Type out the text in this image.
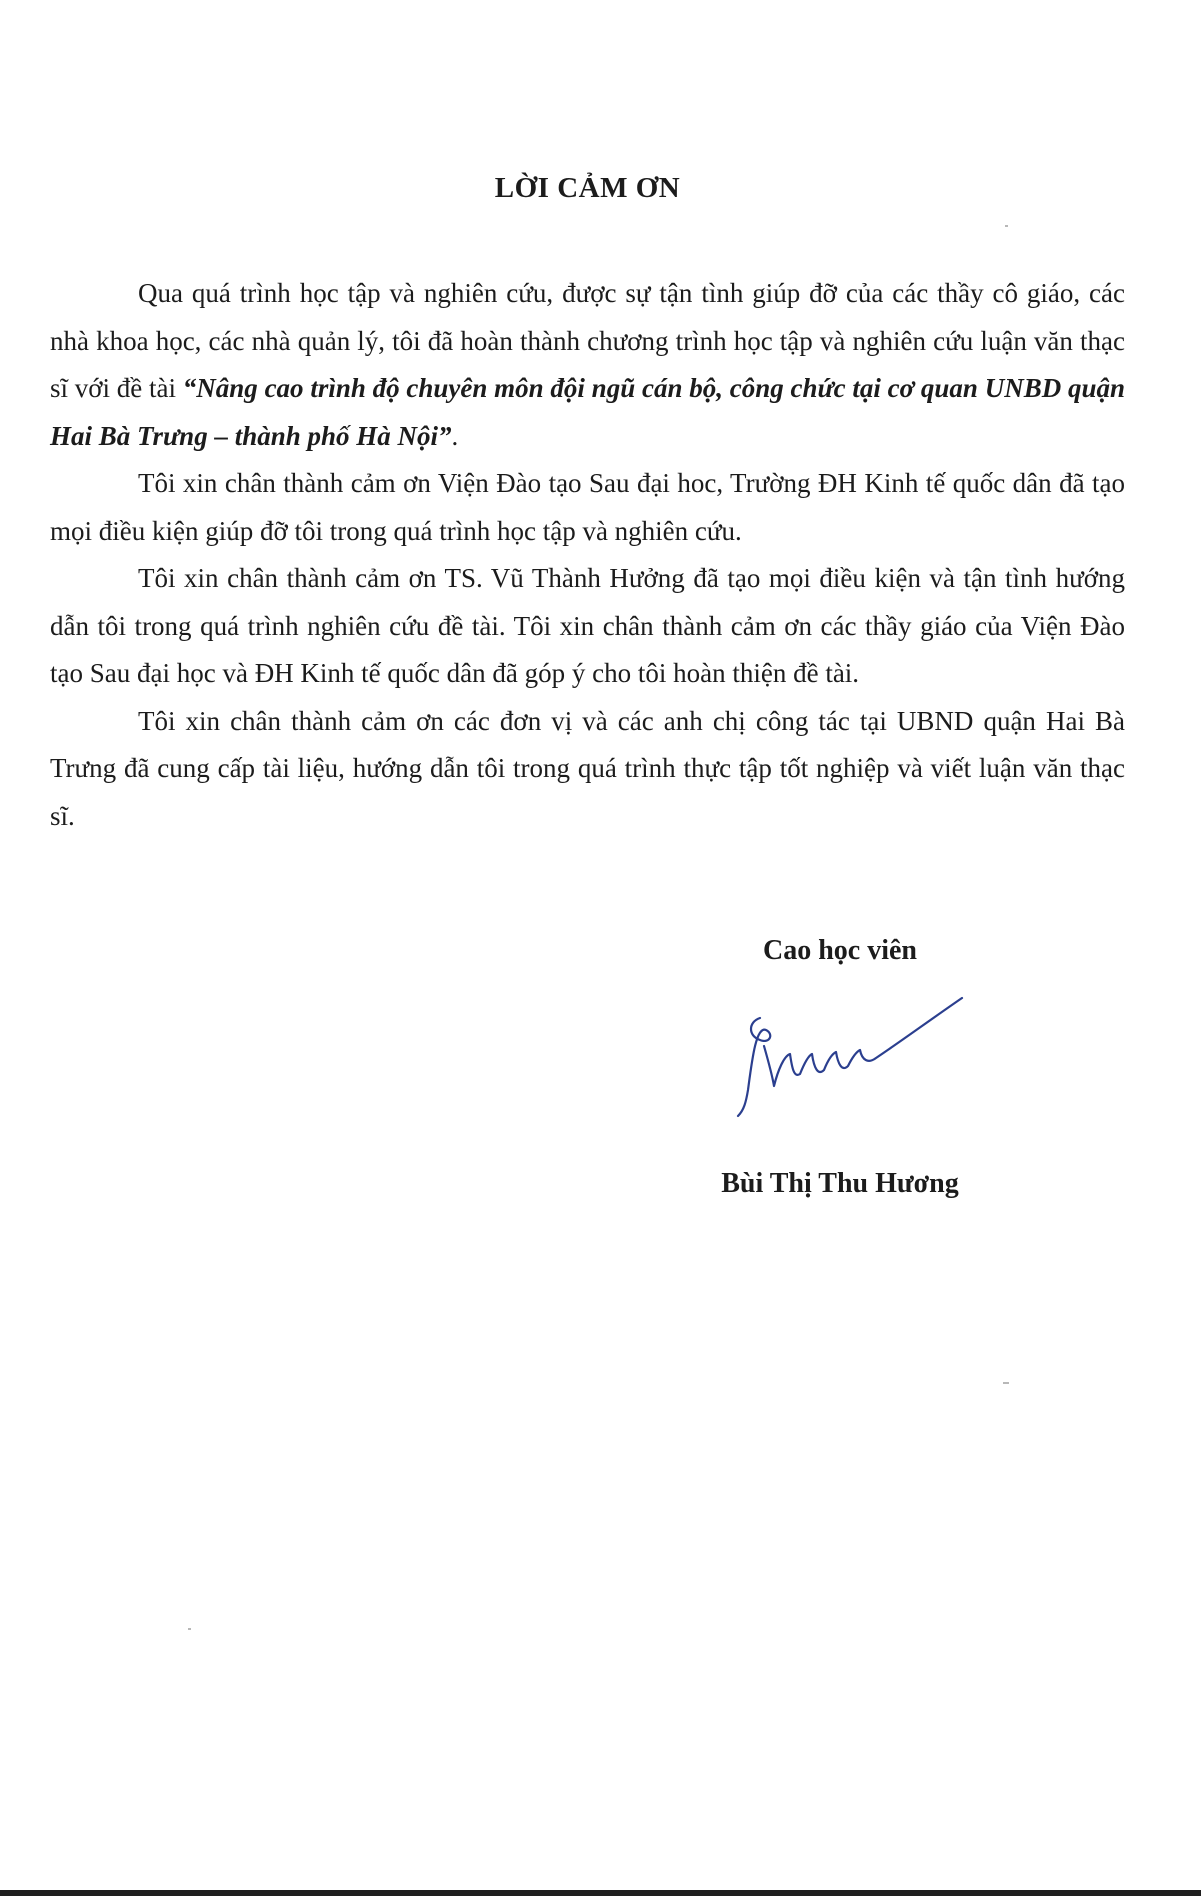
LỜI CẢM ƠN

Qua quá trình học tập và nghiên cứu, được sự tận tình giúp đỡ của các thầy cô giáo, các nhà khoa học, các nhà quản lý, tôi đã hoàn thành chương trình học tập và nghiên cứu luận văn thạc sĩ với đề tài “Nâng cao trình độ chuyên môn đội ngũ cán bộ, công chức tại cơ quan UNBD quận Hai Bà Trưng – thành phố Hà Nội”.

Tôi xin chân thành cảm ơn Viện Đào tạo Sau đại hoc, Trường ĐH Kinh tế quốc dân đã tạo mọi điều kiện giúp đỡ tôi trong quá trình học tập và nghiên cứu.

Tôi xin chân thành cảm ơn TS. Vũ Thành Hưởng đã tạo mọi điều kiện và tận tình hướng dẫn tôi trong quá trình nghiên cứu đề tài. Tôi xin chân thành cảm ơn các thầy giáo của Viện Đào tạo Sau đại học và ĐH Kinh tế quốc dân đã góp ý cho tôi hoàn thiện đề tài.

Tôi xin chân thành cảm ơn các đơn vị và các anh chị công tác tại UBND quận Hai Bà Trưng đã cung cấp tài liệu, hướng dẫn tôi trong quá trình thực tập tốt nghiệp và viết luận văn thạc sĩ.

Cao học viên
Bùi Thị Thu Hương
